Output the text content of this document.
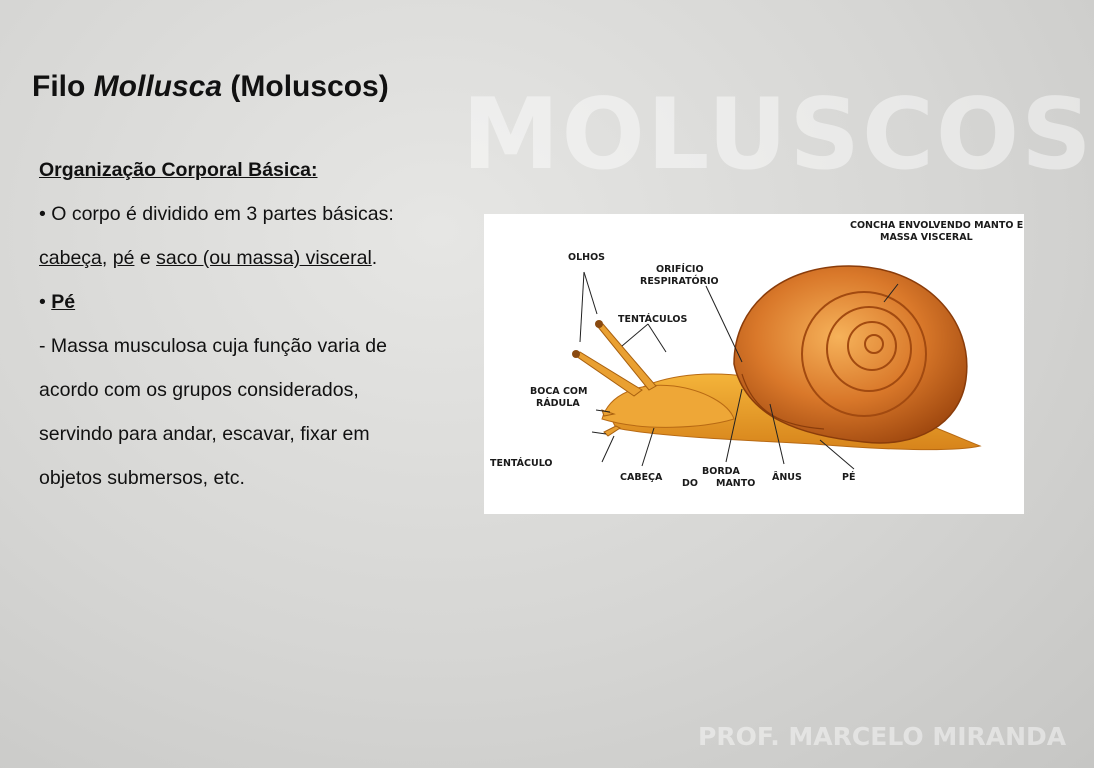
MOLUSCOS
PROF. MARCELO MIRANDA
Filo Mollusca (Moluscos)

Organização Corporal Básica:

• O corpo é dividido em 3 partes básicas:

cabeça, pé e saco (ou massa) visceral.

• Pé

- Massa musculosa cuja função varia de

acordo com os grupos considerados,

servindo para andar, escavar, fixar em

objetos submersos, etc.

CONCHA ENVOLVENDO MANTO E
MASSA VISCERAL
OLHOS
ORIFÍCIO
RESPIRATÓRIO
TENTÁCULOS
BOCA COM
RÁDULA
TENTÁCULO
CABEÇA
BORDA
DO MANTO
ÂNUS	PÉ
